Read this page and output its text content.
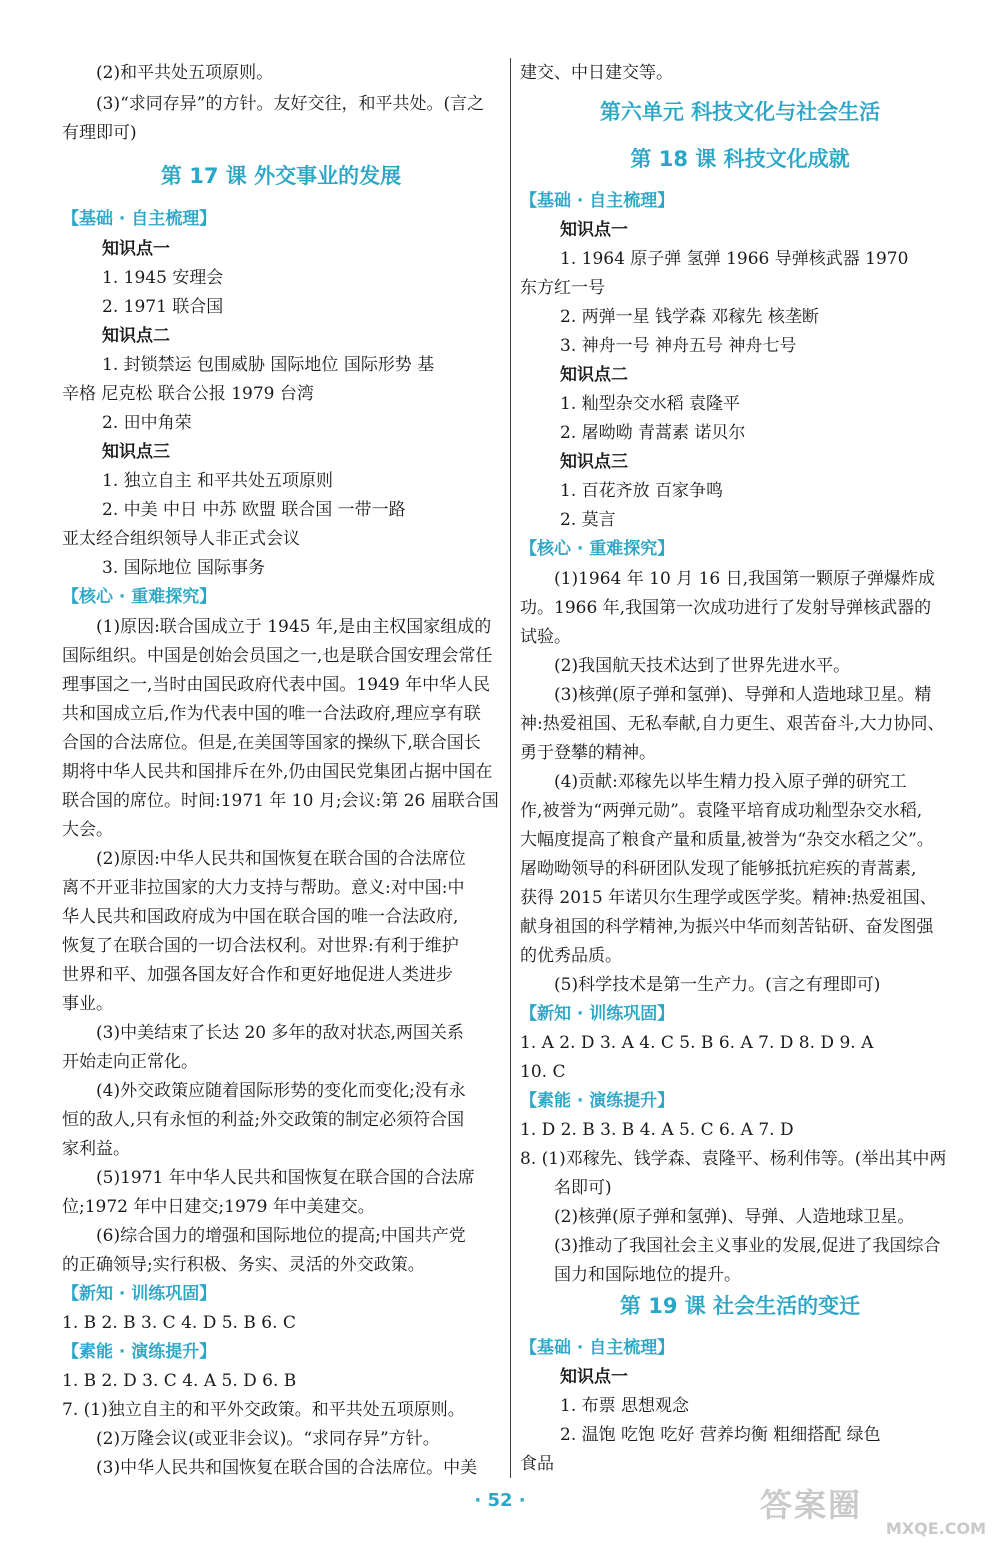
(2)和平共处五项原则。
(3)“求同存异”的方针。友好交往，和平共处。(言之
有理即可)
第 17 课 外交事业的发展
【基础 · 自主梳理】
知识点一
1. 1945 安理会
2. 1971 联合国
知识点二
1. 封锁禁运 包围威胁 国际地位 国际形势 基
辛格 尼克松 联合公报 1979 台湾
2. 田中角荣
知识点三
1. 独立自主 和平共处五项原则
2. 中美 中日 中苏 欧盟 联合国 一带一路
亚太经合组织领导人非正式会议
3. 国际地位 国际事务
【核心 · 重难探究】
(1)原因:联合国成立于 1945 年,是由主权国家组成的
国际组织。中国是创始会员国之一,也是联合国安理会常任
理事国之一,当时由国民政府代表中国。1949 年中华人民
共和国成立后,作为代表中国的唯一合法政府,理应享有联
合国的合法席位。但是,在美国等国家的操纵下,联合国长
期将中华人民共和国排斥在外,仍由国民党集团占据中国在
联合国的席位。时间:1971 年 10 月;会议:第 26 届联合国
大会。
(2)原因:中华人民共和国恢复在联合国的合法席位
离不开亚非拉国家的大力支持与帮助。意义:对中国:中
华人民共和国政府成为中国在联合国的唯一合法政府,
恢复了在联合国的一切合法权利。对世界:有利于维护
世界和平、加强各国友好合作和更好地促进人类进步
事业。
(3)中美结束了长达 20 多年的敌对状态,两国关系
开始走向正常化。
(4)外交政策应随着国际形势的变化而变化;没有永
恒的敌人,只有永恒的利益;外交政策的制定必须符合国
家利益。
(5)1971 年中华人民共和国恢复在联合国的合法席
位;1972 年中日建交;1979 年中美建交。
(6)综合国力的增强和国际地位的提高;中国共产党
的正确领导;实行积极、务实、灵活的外交政策。
【新知 · 训练巩固】
1. B 2. B 3. C 4. D 5. B 6. C
【素能 · 演练提升】
1. B 2. D 3. C 4. A 5. D 6. B
7. (1)独立自主的和平外交政策。和平共处五项原则。
(2)万隆会议(或亚非会议)。“求同存异”方针。
(3)中华人民共和国恢复在联合国的合法席位。中美
建交、中日建交等。
第六单元 科技文化与社会生活
第 18 课 科技文化成就
【基础 · 自主梳理】
知识点一
1. 1964 原子弹 氢弹 1966 导弹核武器 1970
东方红一号
2. 两弹一星 钱学森 邓稼先 核垄断
3. 神舟一号 神舟五号 神舟七号
知识点二
1. 籼型杂交水稻 袁隆平
2. 屠呦呦 青蒿素 诺贝尔
知识点三
1. 百花齐放 百家争鸣
2. 莫言
【核心 · 重难探究】
(1)1964 年 10 月 16 日,我国第一颗原子弹爆炸成
功。1966 年,我国第一次成功进行了发射导弹核武器的
试验。
(2)我国航天技术达到了世界先进水平。
(3)核弹(原子弹和氢弹)、导弹和人造地球卫星。精
神:热爱祖国、无私奉献,自力更生、艰苦奋斗,大力协同、
勇于登攀的精神。
(4)贡献:邓稼先以毕生精力投入原子弹的研究工
作,被誉为“两弹元勋”。袁隆平培育成功籼型杂交水稻,
大幅度提高了粮食产量和质量,被誉为“杂交水稻之父”。
屠呦呦领导的科研团队发现了能够抵抗疟疾的青蒿素,
获得 2015 年诺贝尔生理学或医学奖。精神:热爱祖国、
献身祖国的科学精神,为振兴中华而刻苦钻研、奋发图强
的优秀品质。
(5)科学技术是第一生产力。(言之有理即可)
【新知 · 训练巩固】
1. A 2. D 3. A 4. C 5. B 6. A 7. D 8. D 9. A
10. C
【素能 · 演练提升】
1. D 2. B 3. B 4. A 5. C 6. A 7. D
8. (1)邓稼先、钱学森、袁隆平、杨利伟等。(举出其中两
名即可)
(2)核弹(原子弹和氢弹)、导弹、人造地球卫星。
(3)推动了我国社会主义事业的发展,促进了我国综合
国力和国际地位的提升。
第 19 课 社会生活的变迁
【基础 · 自主梳理】
知识点一
1. 布票 思想观念
2. 温饱 吃饱 吃好 营养均衡 粗细搭配 绿色
食品
· 52 ·	答案圈
MXQE.COM
